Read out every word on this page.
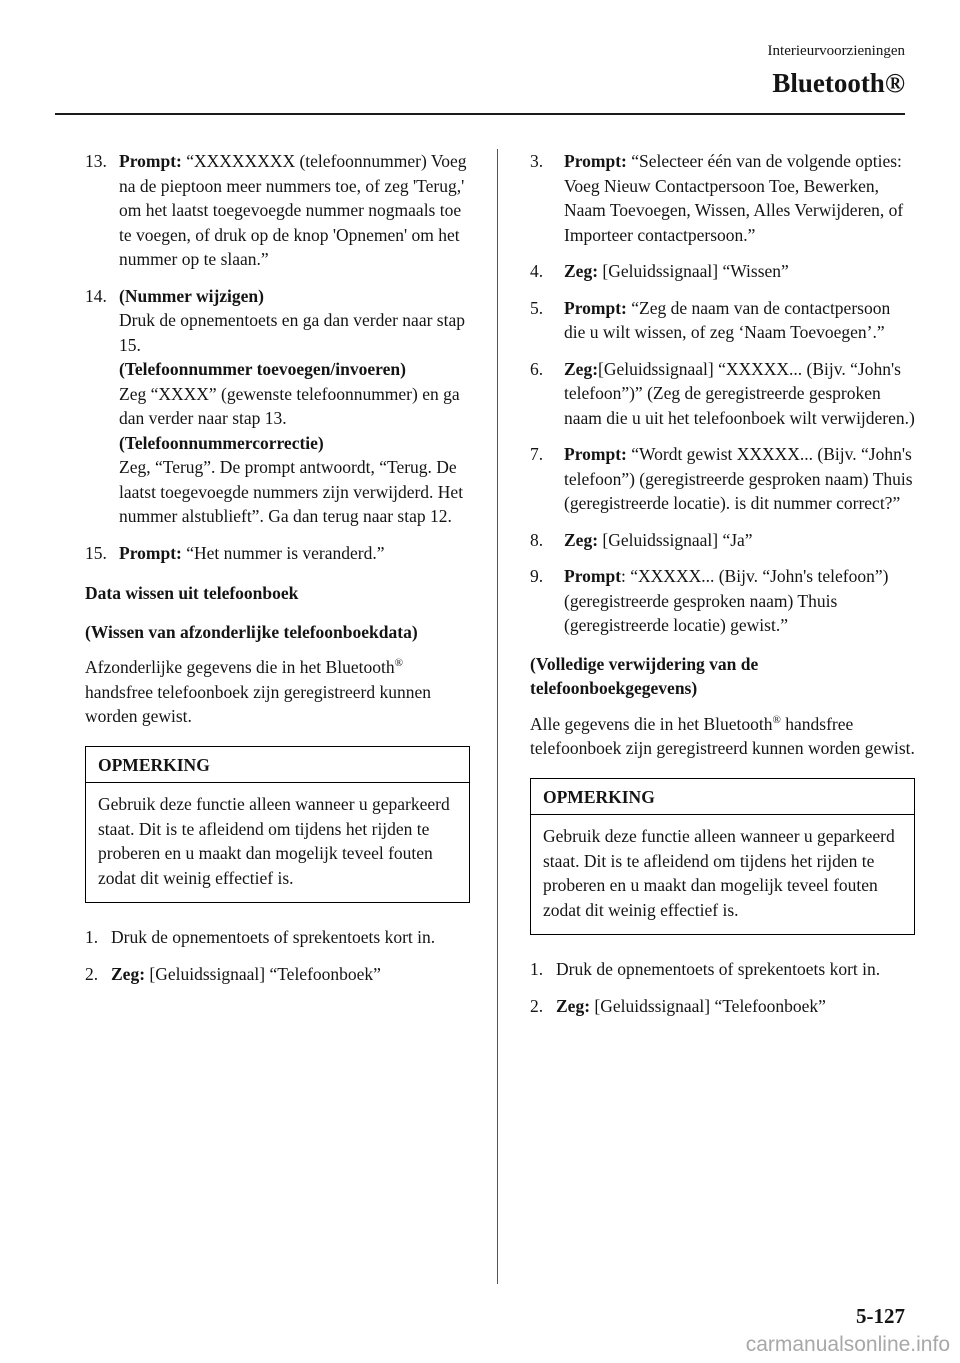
Interieurvoorzieningen
Bluetooth®
13. Prompt: “XXXXXXXX (telefoonnummer) Voeg na de pieptoon meer nummers toe, of zeg 'Terug,' om het laatst toegevoegde nummer nogmaals toe te voegen, of druk op de knop 'Opnemen' om het nummer op te slaan.”
14. (Nummer wijzigen)
Druk de opnementoets en ga dan verder naar stap 15.
(Telefoonnummer toevoegen/invoeren)
Zeg “XXXX” (gewenste telefoonnummer) en ga dan verder naar stap 13.
(Telefoonnummercorrectie)
Zeg, “Terug”. De prompt antwoordt, “Terug. De laatst toegevoegde nummers zijn verwijderd. Het nummer alstublieft”. Ga dan terug naar stap 12.
15. Prompt: “Het nummer is veranderd.”
Data wissen uit telefoonboek
(Wissen van afzonderlijke telefoonboekdata)

Afzonderlijke gegevens die in het Bluetooth® handsfree telefoonboek zijn geregistreerd kunnen worden gewist.

OPMERKING
Gebruik deze functie alleen wanneer u geparkeerd staat. Dit is te afleidend om tijdens het rijden te proberen en u maakt dan mogelijk teveel fouten zodat dit weinig effectief is.
1. Druk de opnementoets of sprekentoets kort in.
2. Zeg: [Geluidssignaal] “Telefoonboek”
3.	Prompt: “Selecteer één van de volgende opties: Voeg Nieuw Contactpersoon Toe, Bewerken, Naam Toevoegen, Wissen, Alles Verwijderen, of Importeer contactpersoon.”
4.	Zeg: [Geluidssignaal] “Wissen”
5.	Prompt: “Zeg de naam van de contactpersoon die u wilt wissen, of zeg ‘Naam Toevoegen’.”
6.	Zeg:[Geluidssignaal] “XXXXX... (Bijv. “John's telefoon”)” (Zeg de geregistreerde gesproken naam die u uit het telefoonboek wilt verwijderen.)
7.	Prompt: “Wordt gewist XXXXX... (Bijv. “John's telefoon”) (geregistreerde gesproken naam) Thuis (geregistreerde locatie). is dit nummer correct?”
8.	Zeg: [Geluidssignaal] “Ja”
9.	Prompt: “XXXXX... (Bijv. “John's telefoon”) (geregistreerde gesproken naam) Thuis (geregistreerde locatie) gewist.”
(Volledige verwijdering van de telefoonboekgegevens)

Alle gegevens die in het Bluetooth® handsfree telefoonboek zijn geregistreerd kunnen worden gewist.

OPMERKING
Gebruik deze functie alleen wanneer u geparkeerd staat. Dit is te afleidend om tijdens het rijden te proberen en u maakt dan mogelijk teveel fouten zodat dit weinig effectief is.
1. Druk de opnementoets of sprekentoets kort in.
2. Zeg: [Geluidssignaal] “Telefoonboek”
5-127
carmanualsonline.info
